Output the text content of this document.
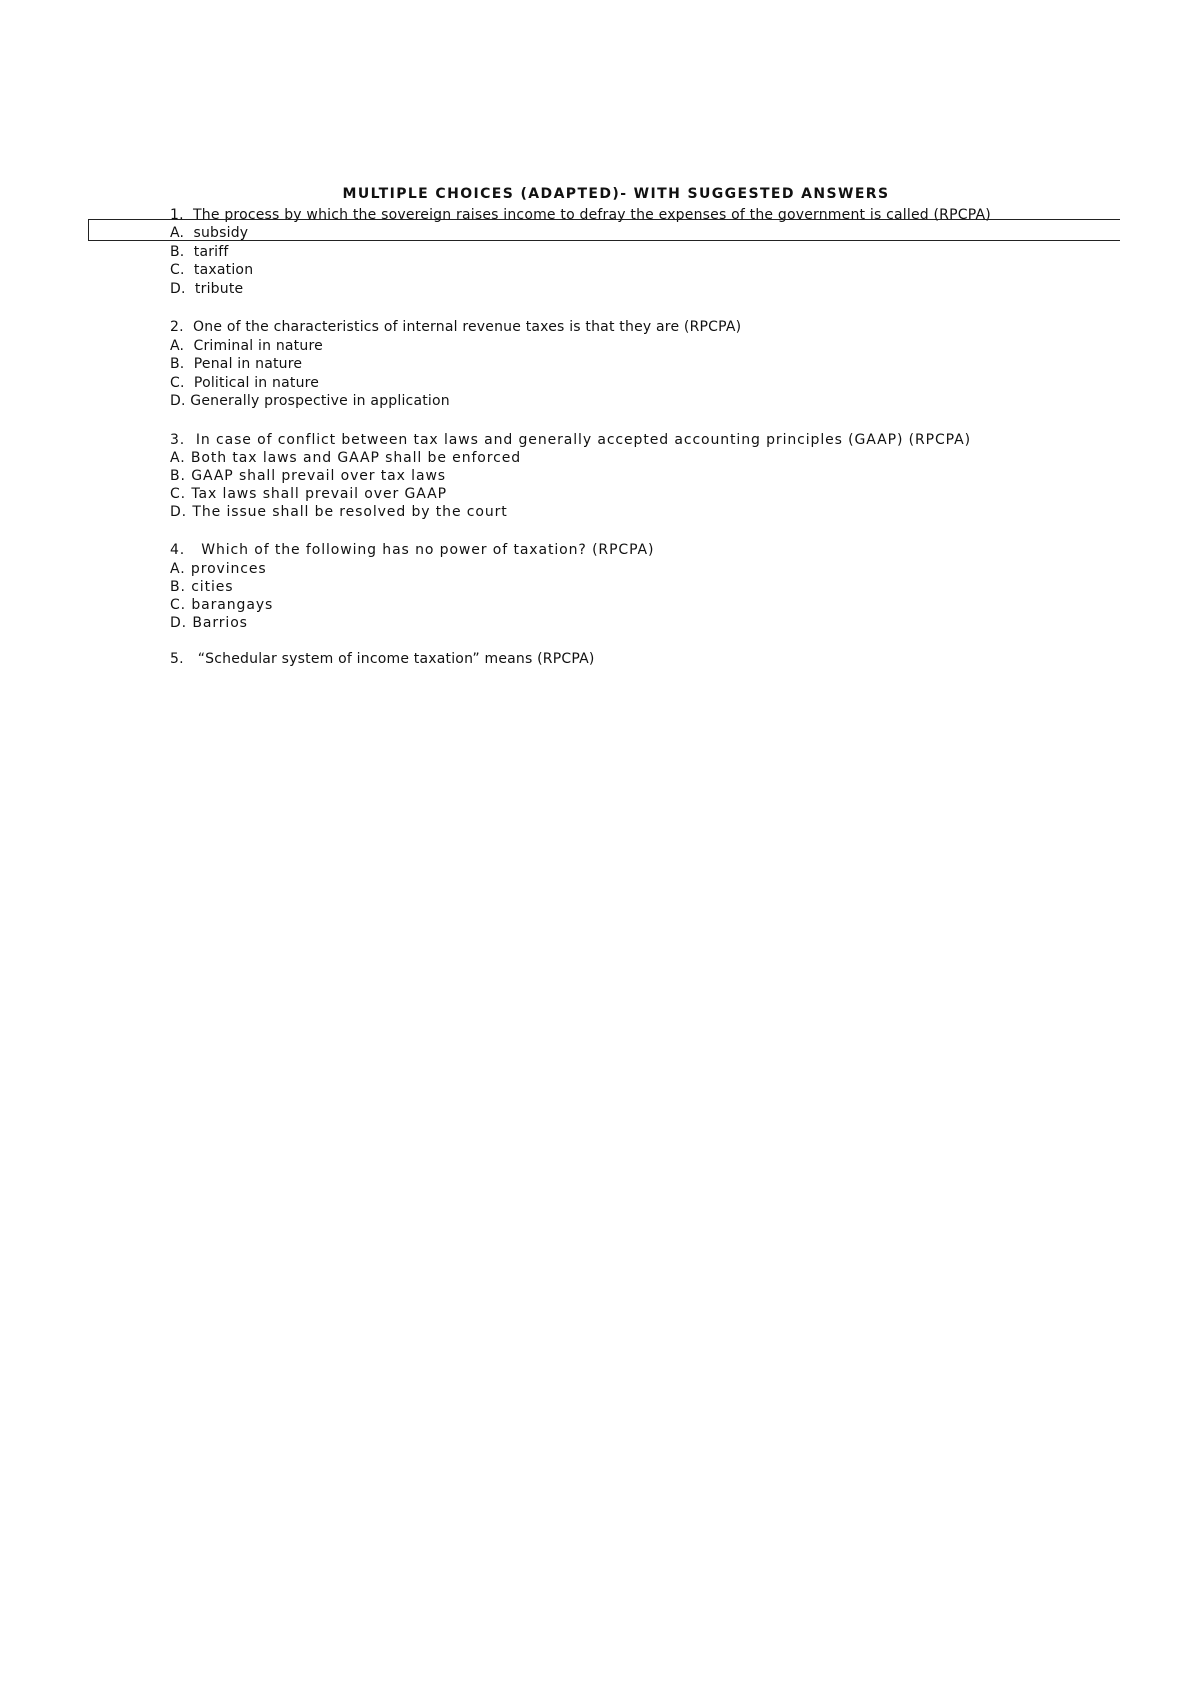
MULTIPLE CHOICES (ADAPTED)- WITH SUGGESTED ANSWERS
1.  The process by which the sovereign raises income to defray the expenses of the government is called (RPCPA)
A.  subsidy
B.  tariff
C.  taxation
D.  tribute
2.  One of the characteristics of internal revenue taxes is that they are (RPCPA)
A.  Criminal in nature
B.  Penal in nature
C.  Political in nature
D. Generally prospective in application
3.  In case of conflict between tax laws and generally accepted accounting principles (GAAP) (RPCPA)
A. Both tax laws and GAAP shall be enforced
B. GAAP shall prevail over tax laws
C. Tax laws shall prevail over GAAP
D. The issue shall be resolved by the court
4.   Which of the following has no power of taxation? (RPCPA)
A. provinces
B. cities
C. barangays
D. Barrios
5.   “Schedular system of income taxation” means (RPCPA)
